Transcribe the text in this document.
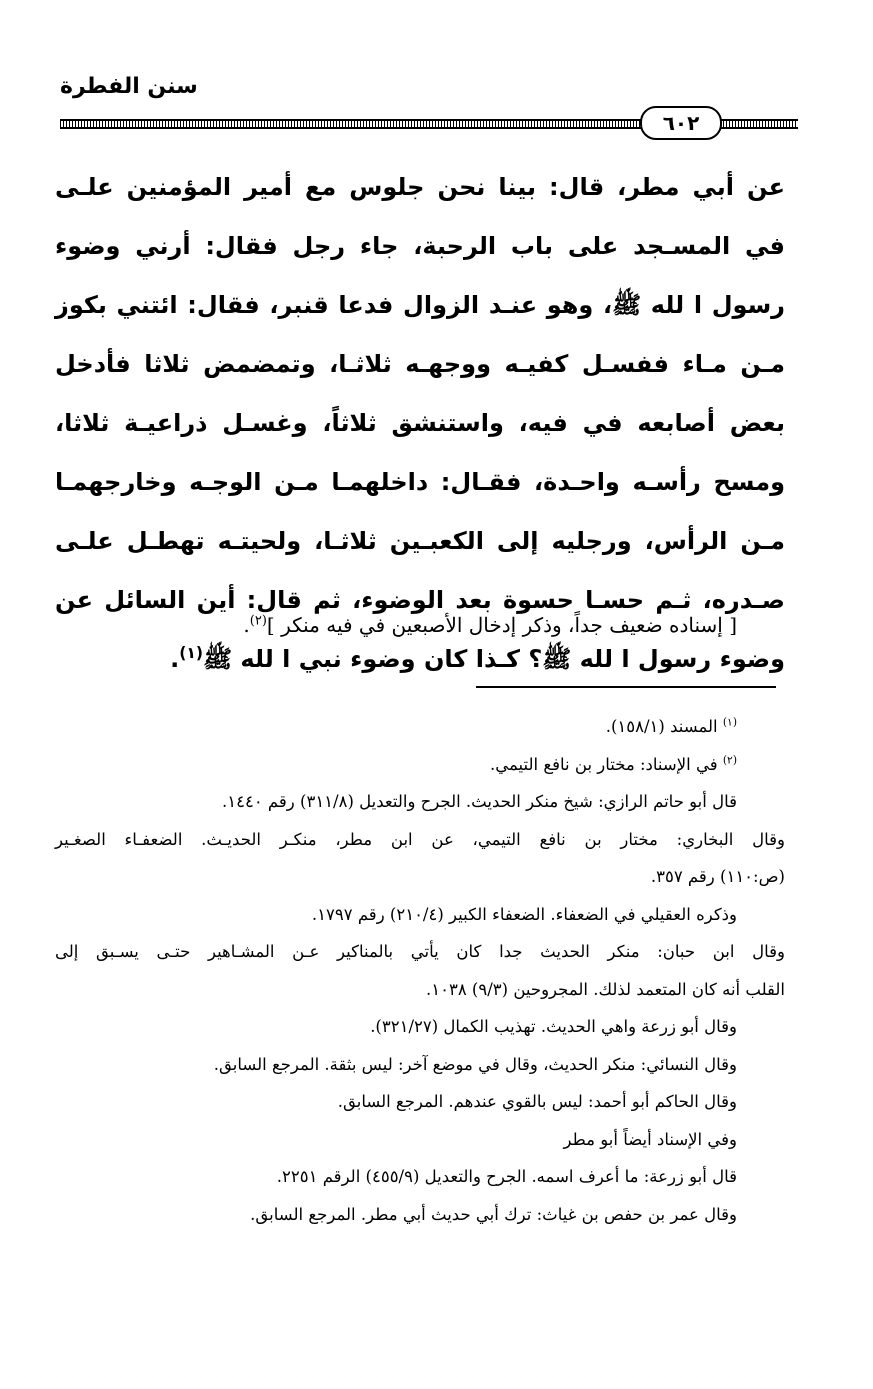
سنن الفطرة
٦٠٢

عن أبي مطر، قال: بينا نحن جلوس مع أمير المؤمنين علـى في المسـجد على باب الرحبة، جاء رجل فقال: أرني وضوء رسول ا لله ﷺ، وهو عنـد الزوال فدعا قنبر، فقال: ائتني بكوز مـن مـاء ففسـل كفيـه ووجهـه ثلاثـا، وتمضمض ثلاثا فأدخل بعض أصابعه في فيه، واستنشق ثلاثاً، وغسـل ذراعيـة ثلاثا، ومسح رأسـه واحـدة، فقـال: داخلهمـا مـن الوجـه وخارجهمـا مـن الرأس، ورجليه إلى الكعبـين ثلاثـا، ولحيتـه تهطـل علـى صـدره، ثـم حسـا حسوة بعد الوضوء، ثم قال: أين السائل عن وضوء رسول ا لله ﷺ؟ كـذا كان وضوء نبي ا لله ﷺ$^{(١)}$.

[ إسناده ضعيف جداً، وذكر إدخال الأصبعين في فيه منكر ]$^{(٢)}$.
$^{(١)}$ المسند (١٥٨/١).
$^{(٢)}$ في الإسناد: مختار بن نافع التيمي.
قال أبو حاتم الرازي: شيخ منكر الحديث. الجرح والتعديل (٣١١/٨) رقم ١٤٤٠.
وقال البخاري: مختار بن نافع التيمي، عن ابن مطر، منكـر الحديـث. الضعفـاء الصغـير
(ص:١١٠) رقم ٣٥٧.
وذكره العقيلي في الضعفاء. الضعفاء الكبير (٢١٠/٤) رقم ١٧٩٧.
وقال ابن حبان: منكر الحديث جدا كان يأتي بالمناكير عـن المشـاهير حتـى يسـبق إلى
القلب أنه كان المتعمد لذلك. المجروحين (٩/٣) ١٠٣٨.
وقال أبو زرعة واهي الحديث. تهذيب الكمال (٣٢١/٢٧).
وقال النسائي: منكر الحديث، وقال في موضع آخر: ليس بثقة. المرجع السابق.
وقال الحاكم أبو أحمد: ليس بالقوي عندهم. المرجع السابق.
وفي الإسناد أيضاً أبو مطر
قال أبو زرعة: ما أعرف اسمه. الجرح والتعديل (٤٥٥/٩) الرقم ٢٢٥١.
وقال عمر بن حفص بن غياث: ترك أبي حديث أبي مطر. المرجع السابق.
